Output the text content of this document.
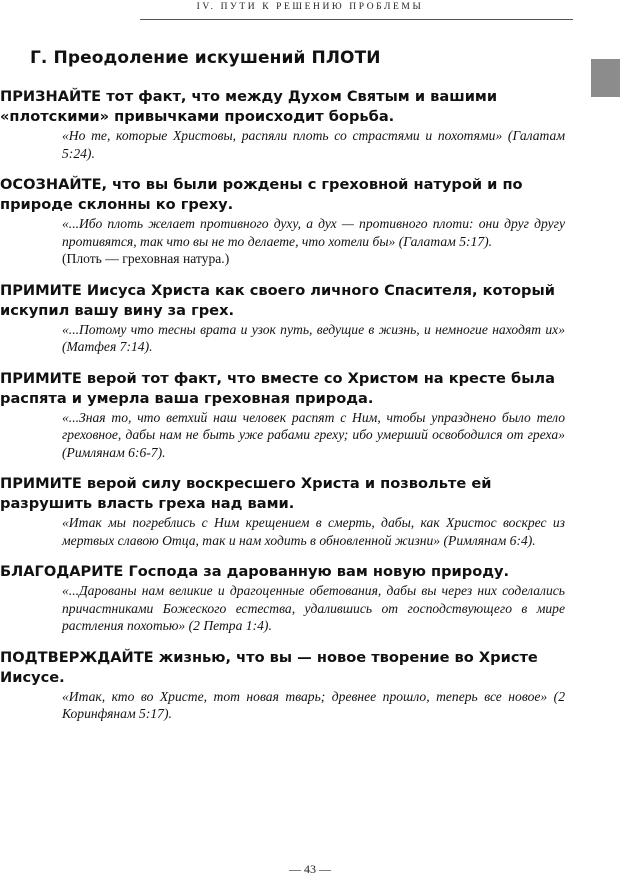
IV. ПУТИ К РЕШЕНИЮ ПРОБЛЕМЫ
Г. Преодоление искушений ПЛОТИ

ПРИЗНАЙТЕ тот факт, что между Духом Святым и вашими «плотскими» привычками происходит борьба.

«Но те, которые Христовы, распяли плоть со страстями и похотями» (Галатам 5:24).

ОСОЗНАЙТЕ, что вы были рождены с греховной натурой и по природе склонны ко греху.

«...Ибо плоть желает противного духу, а дух — противного плоти: они друг другу противятся, так что вы не то делаете, что хотели бы» (Галатам 5:17).

(Плоть — греховная натура.)

ПРИМИТЕ Иисуса Христа как своего личного Спасителя, который искупил вашу вину за грех.

«...Потому что тесны врата и узок путь, ведущие в жизнь, и немногие находят их» (Матфея 7:14).

ПРИМИТЕ верой тот факт, что вместе со Христом на кресте была распята и умерла ваша греховная природа.

«...Зная то, что ветхий наш человек распят с Ним, чтобы упразднено было тело греховное, дабы нам не быть уже рабами греху; ибо умерший освободился от греха» (Римлянам 6:6-7).

ПРИМИТЕ верой силу воскресшего Христа и позвольте ей разрушить власть греха над вами.

«Итак мы погреблись с Ним крещением в смерть, дабы, как Христос воскрес из мертвых славою Отца, так и нам ходить в обновленной жизни» (Римлянам 6:4).

БЛАГОДАРИТЕ Господа за дарованную вам новую природу.

«...Дарованы нам великие и драгоценные обетования, дабы вы через них соделались причастниками Божеского естества, удалившись от господствующего в мире растления похотью» (2 Петра 1:4).

ПОДТВЕРЖДАЙТЕ жизнью, что вы — новое творение во Христе Иисусе.

«Итак, кто во Христе, тот новая тварь; древнее прошло, теперь все новое» (2 Коринфянам 5:17).

— 43 —
